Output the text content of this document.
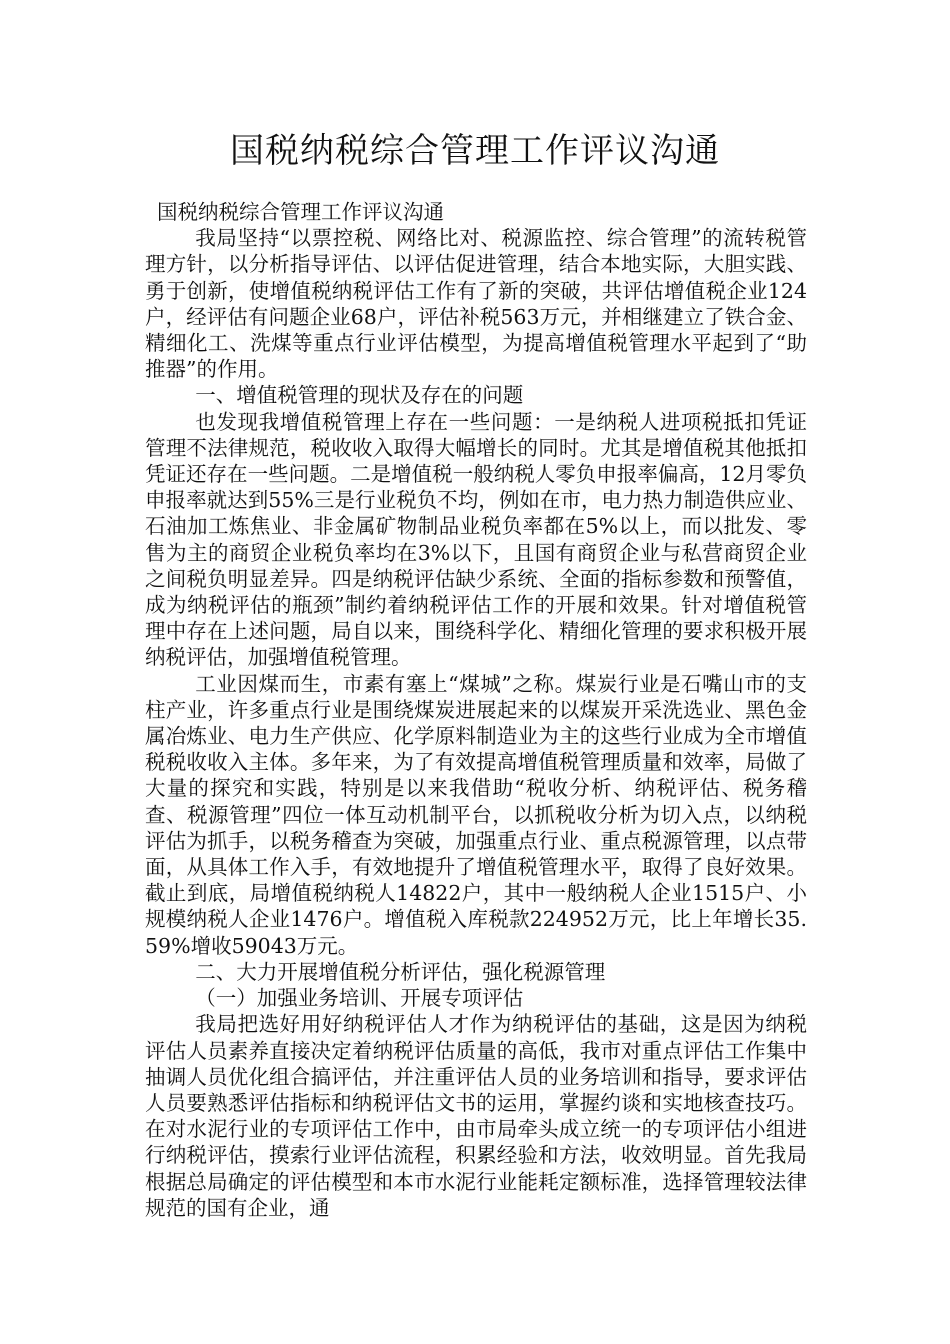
国税纳税综合管理工作评议沟通

国税纳税综合管理工作评议沟通

我局坚持“以票控税、网络比对、税源监控、综合管理”的流转税管理方针，以分析指导评估、以评估促进管理，结合本地实际，大胆实践、勇于创新，使增值税纳税评估工作有了新的突破，共评估增值税企业124户，经评估有问题企业68户，评估补税563万元，并相继建立了铁合金、精细化工、洗煤等重点行业评估模型，为提高增值税管理水平起到了“助推器”的作用。

一、增值税管理的现状及存在的问题

也发现我增值税管理上存在一些问题：一是纳税人进项税抵扣凭证管理不法律规范，税收收入取得大幅增长的同时。尤其是增值税其他抵扣凭证还存在一些问题。二是增值税一般纳税人零负申报率偏高，12月零负申报率就达到55%三是行业税负不均，例如在市，电力热力制造供应业、石油加工炼焦业、非金属矿物制品业税负率都在5%以上，而以批发、零售为主的商贸企业税负率均在3%以下，且国有商贸企业与私营商贸企业之间税负明显差异。四是纳税评估缺少系统、全面的指标参数和预警值，成为纳税评估的瓶颈”制约着纳税评估工作的开展和效果。针对增值税管理中存在上述问题，局自以来，围绕科学化、精细化管理的要求积极开展纳税评估，加强增值税管理。

工业因煤而生，市素有塞上“煤城”之称。煤炭行业是石嘴山市的支柱产业，许多重点行业是围绕煤炭进展起来的以煤炭开采洗选业、黑色金属冶炼业、电力生产供应、化学原料制造业为主的这些行业成为全市增值税税收收入主体。多年来，为了有效提高增值税管理质量和效率，局做了大量的探究和实践，特别是以来我借助“税收分析、纳税评估、税务稽查、税源管理”四位一体互动机制平台，以抓税收分析为切入点，以纳税评估为抓手，以税务稽查为突破，加强重点行业、重点税源管理，以点带面，从具体工作入手，有效地提升了增值税管理水平，取得了良好效果。截止到底，局增值税纳税人14822户，其中一般纳税人企业1515户、小规模纳税人企业1476户。增值税入库税款224952万元，比上年增长35.59%增收59043万元。

二、大力开展增值税分析评估，强化税源管理

（一）加强业务培训、开展专项评估

我局把选好用好纳税评估人才作为纳税评估的基础，这是因为纳税评估人员素养直接决定着纳税评估质量的高低，我市对重点评估工作集中抽调人员优化组合搞评估，并注重评估人员的业务培训和指导，要求评估人员要熟悉评估指标和纳税评估文书的运用，掌握约谈和实地核查技巧。在对水泥行业的专项评估工作中，由市局牵头成立统一的专项评估小组进行纳税评估，摸索行业评估流程，积累经验和方法，收效明显。首先我局根据总局确定的评估模型和本市水泥行业能耗定额标准，选择管理较法律规范的国有企业，通
